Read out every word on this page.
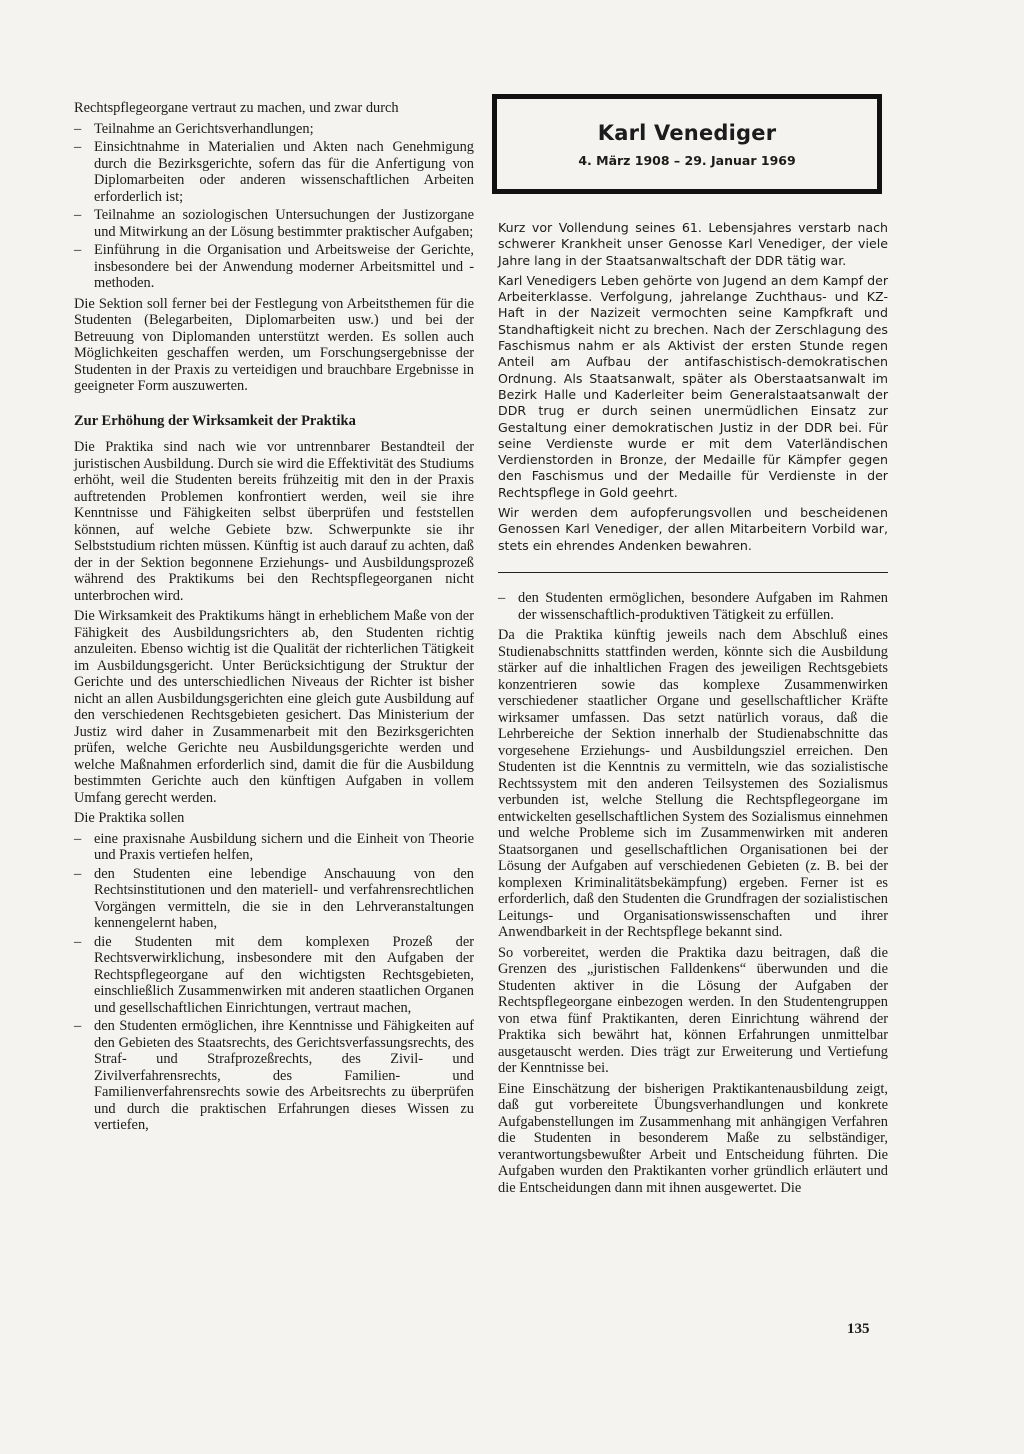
Rechtspflegeorgane vertraut zu machen, und zwar durch

– Teilnahme an Gerichtsverhandlungen;
– Einsichtnahme in Materialien und Akten nach Genehmigung durch die Bezirksgerichte, sofern das für die Anfertigung von Diplomarbeiten oder anderen wissenschaftlichen Arbeiten erforderlich ist;
– Teilnahme an soziologischen Untersuchungen der Justizorgane und Mitwirkung an der Lösung bestimmter praktischer Aufgaben;
– Einführung in die Organisation und Arbeitsweise der Gerichte, insbesondere bei der Anwendung moderner Arbeitsmittel und -methoden.

Die Sektion soll ferner bei der Festlegung von Arbeitsthemen für die Studenten (Belegarbeiten, Diplomarbeiten usw.) und bei der Betreuung von Diplomanden unterstützt werden. Es sollen auch Möglichkeiten geschaffen werden, um Forschungsergebnisse der Studenten in der Praxis zu verteidigen und brauchbare Ergebnisse in geeigneter Form auszuwerten.

Zur Erhöhung der Wirksamkeit der Praktika

Die Praktika sind nach wie vor untrennbarer Bestandteil der juristischen Ausbildung. Durch sie wird die Effektivität des Studiums erhöht, weil die Studenten bereits frühzeitig mit den in der Praxis auftretenden Problemen konfrontiert werden, weil sie ihre Kenntnisse und Fähigkeiten selbst überprüfen und feststellen können, auf welche Gebiete bzw. Schwerpunkte sie ihr Selbststudium richten müssen. Künftig ist auch darauf zu achten, daß der in der Sektion begonnene Erziehungs- und Ausbildungsprozeß während des Praktikums bei den Rechtspflegeorganen nicht unterbrochen wird.

Die Wirksamkeit des Praktikums hängt in erheblichem Maße von der Fähigkeit des Ausbildungsrichters ab, den Studenten richtig anzuleiten. Ebenso wichtig ist die Qualität der richterlichen Tätigkeit im Ausbildungsgericht. Unter Berücksichtigung der Struktur der Gerichte und des unterschiedlichen Niveaus der Richter ist bisher nicht an allen Ausbildungsgerichten eine gleich gute Ausbildung auf den verschiedenen Rechtsgebieten gesichert. Das Ministerium der Justiz wird daher in Zusammenarbeit mit den Bezirksgerichten prüfen, welche Gerichte neu Ausbildungsgerichte werden und welche Maßnahmen erforderlich sind, damit die für die Ausbildung bestimmten Gerichte auch den künftigen Aufgaben in vollem Umfang gerecht werden.

Die Praktika sollen

– eine praxisnahe Ausbildung sichern und die Einheit von Theorie und Praxis vertiefen helfen,
– den Studenten eine lebendige Anschauung von den Rechtsinstitutionen und den materiell- und verfahrensrechtlichen Vorgängen vermitteln, die sie in den Lehrveranstaltungen kennengelernt haben,
– die Studenten mit dem komplexen Prozeß der Rechtsverwirklichung, insbesondere mit den Aufgaben der Rechtspflegeorgane auf den wichtigsten Rechtsgebieten, einschließlich Zusammenwirken mit anderen staatlichen Organen und gesellschaftlichen Einrichtungen, vertraut machen,
– den Studenten ermöglichen, ihre Kenntnisse und Fähigkeiten auf den Gebieten des Staatsrechts, des Gerichtsverfassungsrechts, des Straf- und Strafprozeßrechts, des Zivil- und Zivilverfahrensrechts, des Familien- und Familienverfahrensrechts sowie des Arbeitsrechts zu überprüfen und durch die praktischen Erfahrungen dieses Wissen zu vertiefen,
Karl Venediger
4. März 1908 – 29. Januar 1969

Kurz vor Vollendung seines 61. Lebensjahres verstarb nach schwerer Krankheit unser Genosse Karl Venediger, der viele Jahre lang in der Staatsanwaltschaft der DDR tätig war.

Karl Venedigers Leben gehörte von Jugend an dem Kampf der Arbeiterklasse. Verfolgung, jahrelange Zuchthaus- und KZ-Haft in der Nazizeit vermochten seine Kampfkraft und Standhaftigkeit nicht zu brechen. Nach der Zerschlagung des Faschismus nahm er als Aktivist der ersten Stunde regen Anteil am Aufbau der antifaschistisch-demokratischen Ordnung. Als Staatsanwalt, später als Oberstaatsanwalt im Bezirk Halle und Kaderleiter beim Generalstaatsanwalt der DDR trug er durch seinen unermüdlichen Einsatz zur Gestaltung einer demokratischen Justiz in der DDR bei. Für seine Verdienste wurde er mit dem Vaterländischen Verdienstorden in Bronze, der Medaille für Kämpfer gegen den Faschismus und der Medaille für Verdienste in der Rechtspflege in Gold geehrt.

Wir werden dem aufopferungsvollen und bescheidenen Genossen Karl Venediger, der allen Mitarbeitern Vorbild war, stets ein ehrendes Andenken bewahren.

– den Studenten ermöglichen, besondere Aufgaben im Rahmen der wissenschaftlich-produktiven Tätigkeit zu erfüllen.

Da die Praktika künftig jeweils nach dem Abschluß eines Studienabschnitts stattfinden werden, könnte sich die Ausbildung stärker auf die inhaltlichen Fragen des jeweiligen Rechtsgebiets konzentrieren sowie das komplexe Zusammenwirken verschiedener staatlicher Organe und gesellschaftlicher Kräfte wirksamer umfassen. Das setzt natürlich voraus, daß die Lehrbereiche der Sektion innerhalb der Studienabschnitte das vorgesehene Erziehungs- und Ausbildungsziel erreichen. Den Studenten ist die Kenntnis zu vermitteln, wie das sozialistische Rechtssystem mit den anderen Teilsystemen des Sozialismus verbunden ist, welche Stellung die Rechtspflegeorgane im entwickelten gesellschaftlichen System des Sozialismus einnehmen und welche Probleme sich im Zusammenwirken mit anderen Staatsorganen und gesellschaftlichen Organisationen bei der Lösung der Aufgaben auf verschiedenen Gebieten (z. B. bei der komplexen Kriminalitätsbekämpfung) ergeben. Ferner ist es erforderlich, daß den Studenten die Grundfragen der sozialistischen Leitungs- und Organisationswissenschaften und ihrer Anwendbarkeit in der Rechtspflege bekannt sind.

So vorbereitet, werden die Praktika dazu beitragen, daß die Grenzen des „juristischen Falldenkens“ überwunden und die Studenten aktiver in die Lösung der Aufgaben der Rechtspflegeorgane einbezogen werden. In den Studentengruppen von etwa fünf Praktikanten, deren Einrichtung während der Praktika sich bewährt hat, können Erfahrungen unmittelbar ausgetauscht werden. Dies trägt zur Erweiterung und Vertiefung der Kenntnisse bei.

Eine Einschätzung der bisherigen Praktikantenausbildung zeigt, daß gut vorbereitete Übungsverhandlungen und konkrete Aufgabenstellungen im Zusammenhang mit anhängigen Verfahren die Studenten in besonderem Maße zu selbständiger, verantwortungsbewußter Arbeit und Entscheidung führten. Die Aufgaben wurden den Praktikanten vorher gründlich erläutert und die Entscheidungen dann mit ihnen ausgewertet. Die

135
